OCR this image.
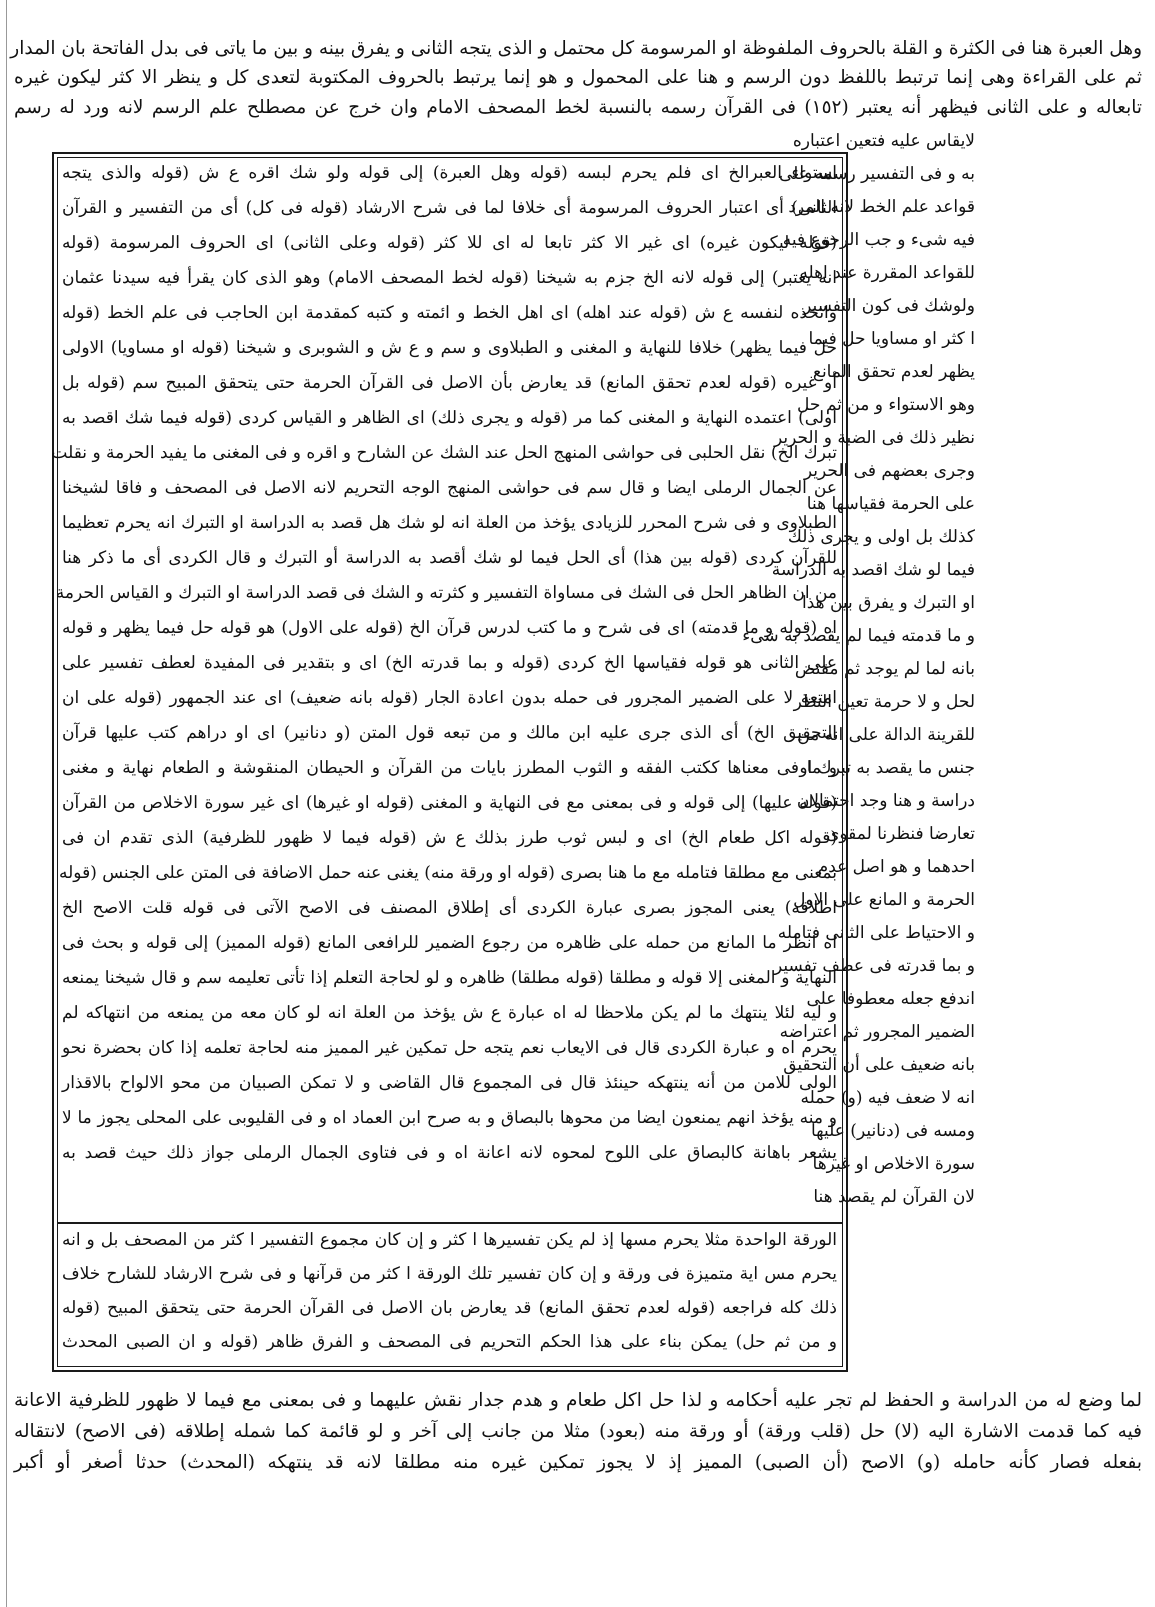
وهل العبرة هنا فى الكثرة و القلة بالحروف الملفوظة او المرسومة كل محتمل و الذى يتجه الثانى و يفرق بينه و بين ما ياتى فى بدل الفاتحة بان المدار
ثم على القراءة وهى إنما ترتبط باللفظ دون الرسم و هنا على المحمول و هو إنما يرتبط بالحروف المكتوبة لتعدى كل و ينظر الا كثر ليكون غيره
تابعاله و على الثانى فيظهر أنه يعتبر (١٥٢) فى القرآن رسمه بالنسبة لخط المصحف الامام وان خرج عن مصطلح علم الرسم لانه ورد له رسم
لايقاس عليه فتعين اعتباره
به و فى التفسير رسمه على
قواعد علم الخط لانه المرد
فيه شىء و جب الرجوع فيه
للقواعد المقررة عند اهله
ولوشك فى كون التفسير
ا كثر او مساويا حل فيما
يظهر لعدم تحقق المانع
وهو الاستواء و من ثم حل
نظير ذلك فى الضبة و الحرير
وجرى بعضهم فى الحرير
على الحرمة فقياسها هنا
كذلك بل اولى و يجرى ذلك
فيما لو شك اقصد به الدراسة
او التبرك و يفرق بين هذا
و ما قدمته فيما لم يقصد به شىء
بانه لما لم يوجد ثم مقتض
لحل و لا حرمة تعين النظر
للقرينة الدالة على انه من
جنس ما يقصد به تبرك او
دراسة و هنا وجد احتمالان
تعارضا فنظرنا لمقوى
احدهما و هو اصل عدم
الحرمة و المانع على الاول
و الاحتياط على الثانى فتامله
و بما قدرته فى عطف تفسير
اندفع جعله معطوفا على
الضمير المجرور ثم اعتراضه
بانه ضعيف على أن التحقيق
انه لا ضعف فيه (و) حمله
ومسه فى (دنانير) عليها
سورة الاخلاص او غيرها
لان القرآن لم يقصد هنا
استواء العبرالخ اى فلم يحرم لبسه (قوله وهل العبرة) إلى قوله ولو شك اقره ع ش (قوله والذى يتجه
الثانى) أى اعتبار الحروف المرسومة أى خلافا لما فى شرح الارشاد (قوله فى كل) أى من التفسير و القرآن
(قوله ليكون غيره) اى غير الا كثر تابعا له اى للا كثر (قوله وعلى الثانى) اى الحروف المرسومة (قوله
انه يعتبر) إلى قوله لانه الخ جزم به شيخنا (قوله لخط المصحف الامام) وهو الذى كان يقرأ فيه سيدنا عثمان
واتخذه لنفسه ع ش (قوله عند اهله) اى اهل الخط و ائمته و كتبه كمقدمة ابن الحاجب فى علم الخط (قوله
حل فيما يظهر) خلافا للنهاية و المغنى و الطبلاوى و سم و ع ش و الشوبرى و شيخنا (قوله او مساويا) الاولى
أو غيره (قوله لعدم تحقق المانع) قد يعارض بأن الاصل فى القرآن الحرمة حتى يتحقق المبيح سم (قوله بل
اولى) اعتمده النهاية و المغنى كما مر (قوله و يجرى ذلك) اى الظاهر و القياس كردى (قوله فيما شك اقصد به
تبرك الخ) نقل الحلبى فى حواشى المنهج الحل عند الشك عن الشارح و اقره و فى المغنى ما يفيد الحرمة و نقلت
عن الجمال الرملى ايضا و قال سم فى حواشى المنهج الوجه التحريم لانه الاصل فى المصحف و فاقا لشيخنا
الطبلاوى و فى شرح المحرر للزيادى يؤخذ من العلة انه لو شك هل قصد به الدراسة او التبرك انه يحرم تعظيما
للقرآن كردى (قوله بين هذا) أى الحل فيما لو شك أقصد به الدراسة أو التبرك و قال الكردى أى ما ذكر هنا
من ان الظاهر الحل فى الشك فى مساواة التفسير و كثرته و الشك فى قصد الدراسة او التبرك و القياس الحرمة
اه (قوله و ما قدمته) اى فى شرح و ما كتب لدرس قرآن الخ (قوله على الاول) هو قوله حل فيما يظهر و قوله
على الثانى هو قوله فقياسها الخ كردى (قوله و بما قدرته الخ) اى و بتقدير فى المفيدة لعطف تفسير على
امتعة لا على الضمير المجرور فى حمله بدون اعادة الجار (قوله بانه ضعيف) اى عند الجمهور (قوله على ان
التحقيق الخ) أى الذى جرى عليه ابن مالك و من تبعه قول المتن (و دنانير) اى او دراهم كتب عليها قرآن
و ما فى معناها ككتب الفقه و الثوب المطرز بايات من القرآن و الحيطان المنقوشة و الطعام نهاية و مغنى
(قوله عليها) إلى قوله و فى بمعنى مع فى النهاية و المغنى (قوله او غيرها) اى غير سورة الاخلاص من القرآن
(قوله اكل طعام الخ) اى و لبس ثوب طرز بذلك ع ش (قوله فيما لا ظهور للظرفية) الذى تقدم ان فى
بمعنى مع مطلقا فتامله مع ما هنا بصرى (قوله او ورقة منه) يغنى عنه حمل الاضافة فى المتن على الجنس (قوله
اطلاقه) يعنى المجوز بصرى عبارة الكردى أى إطلاق المصنف فى الاصح الآتى فى قوله قلت الاصح الخ
اه انظر ما المانع من حمله على ظاهره من رجوع الضمير للرافعى المانع (قوله المميز) إلى قوله و بحث فى
النهاية و المغنى إلا قوله و مطلقا (قوله مطلقا) ظاهره و لو لحاجة التعلم إذا تأتى تعليمه سم و قال شيخنا يمنعه
و ليه لئلا ينتهك ما لم يكن ملاحظا له اه عبارة ع ش يؤخذ من العلة انه لو كان معه من يمنعه من انتهاكه لم
يحرم اه و عبارة الكردى قال فى الايعاب نعم يتجه حل تمكين غير المميز منه لحاجة تعلمه إذا كان بحضرة نحو
الولى للامن من أنه ينتهكه حينئذ قال فى المجموع قال القاضى و لا تمكن الصبيان من محو الالواح بالاقذار
و منه يؤخذ انهم يمنعون ايضا من محوها بالبصاق و به صرح ابن العماد اه و فى القليوبى على المحلى يجوز ما لا
يشعر باهانة كالبصاق على اللوح لمحوه لانه اعانة اه و فى فتاوى الجمال الرملى جواز ذلك حيث قصد به
الورقة الواحدة مثلا يحرم مسها إذ لم يكن تفسيرها ا كثر و إن كان مجموع التفسير ا كثر من المصحف بل و انه
يحرم مس اية متميزة فى ورقة و إن كان تفسير تلك الورقة ا كثر من قرآنها و فى شرح الارشاد للشارح خلاف
ذلك كله فراجعه (قوله لعدم تحقق المانع) قد يعارض بان الاصل فى القرآن الحرمة حتى يتحقق المبيح (قوله
و من ثم حل) يمكن بناء على هذا الحكم التحريم فى المصحف و الفرق ظاهر (قوله و ان الصبى المحدث
لما وضع له من الدراسة و الحفظ لم تجر عليه أحكامه و لذا حل اكل طعام و هدم جدار نقش عليهما و فى بمعنى مع فيما لا ظهور للظرفية الاعانة
فيه كما قدمت الاشارة اليه (لا) حل (قلب ورقة) أو ورقة منه (بعود) مثلا من جانب إلى آخر و لو قائمة كما شمله إطلاقه (فى الاصح) لانتقاله
بفعله فصار كأنه حامله (و) الاصح (أن الصبى) المميز إذ لا يجوز تمكين غيره منه مطلقا لانه قد ينتهكه (المحدث) حدثا أصغر أو أكبر
